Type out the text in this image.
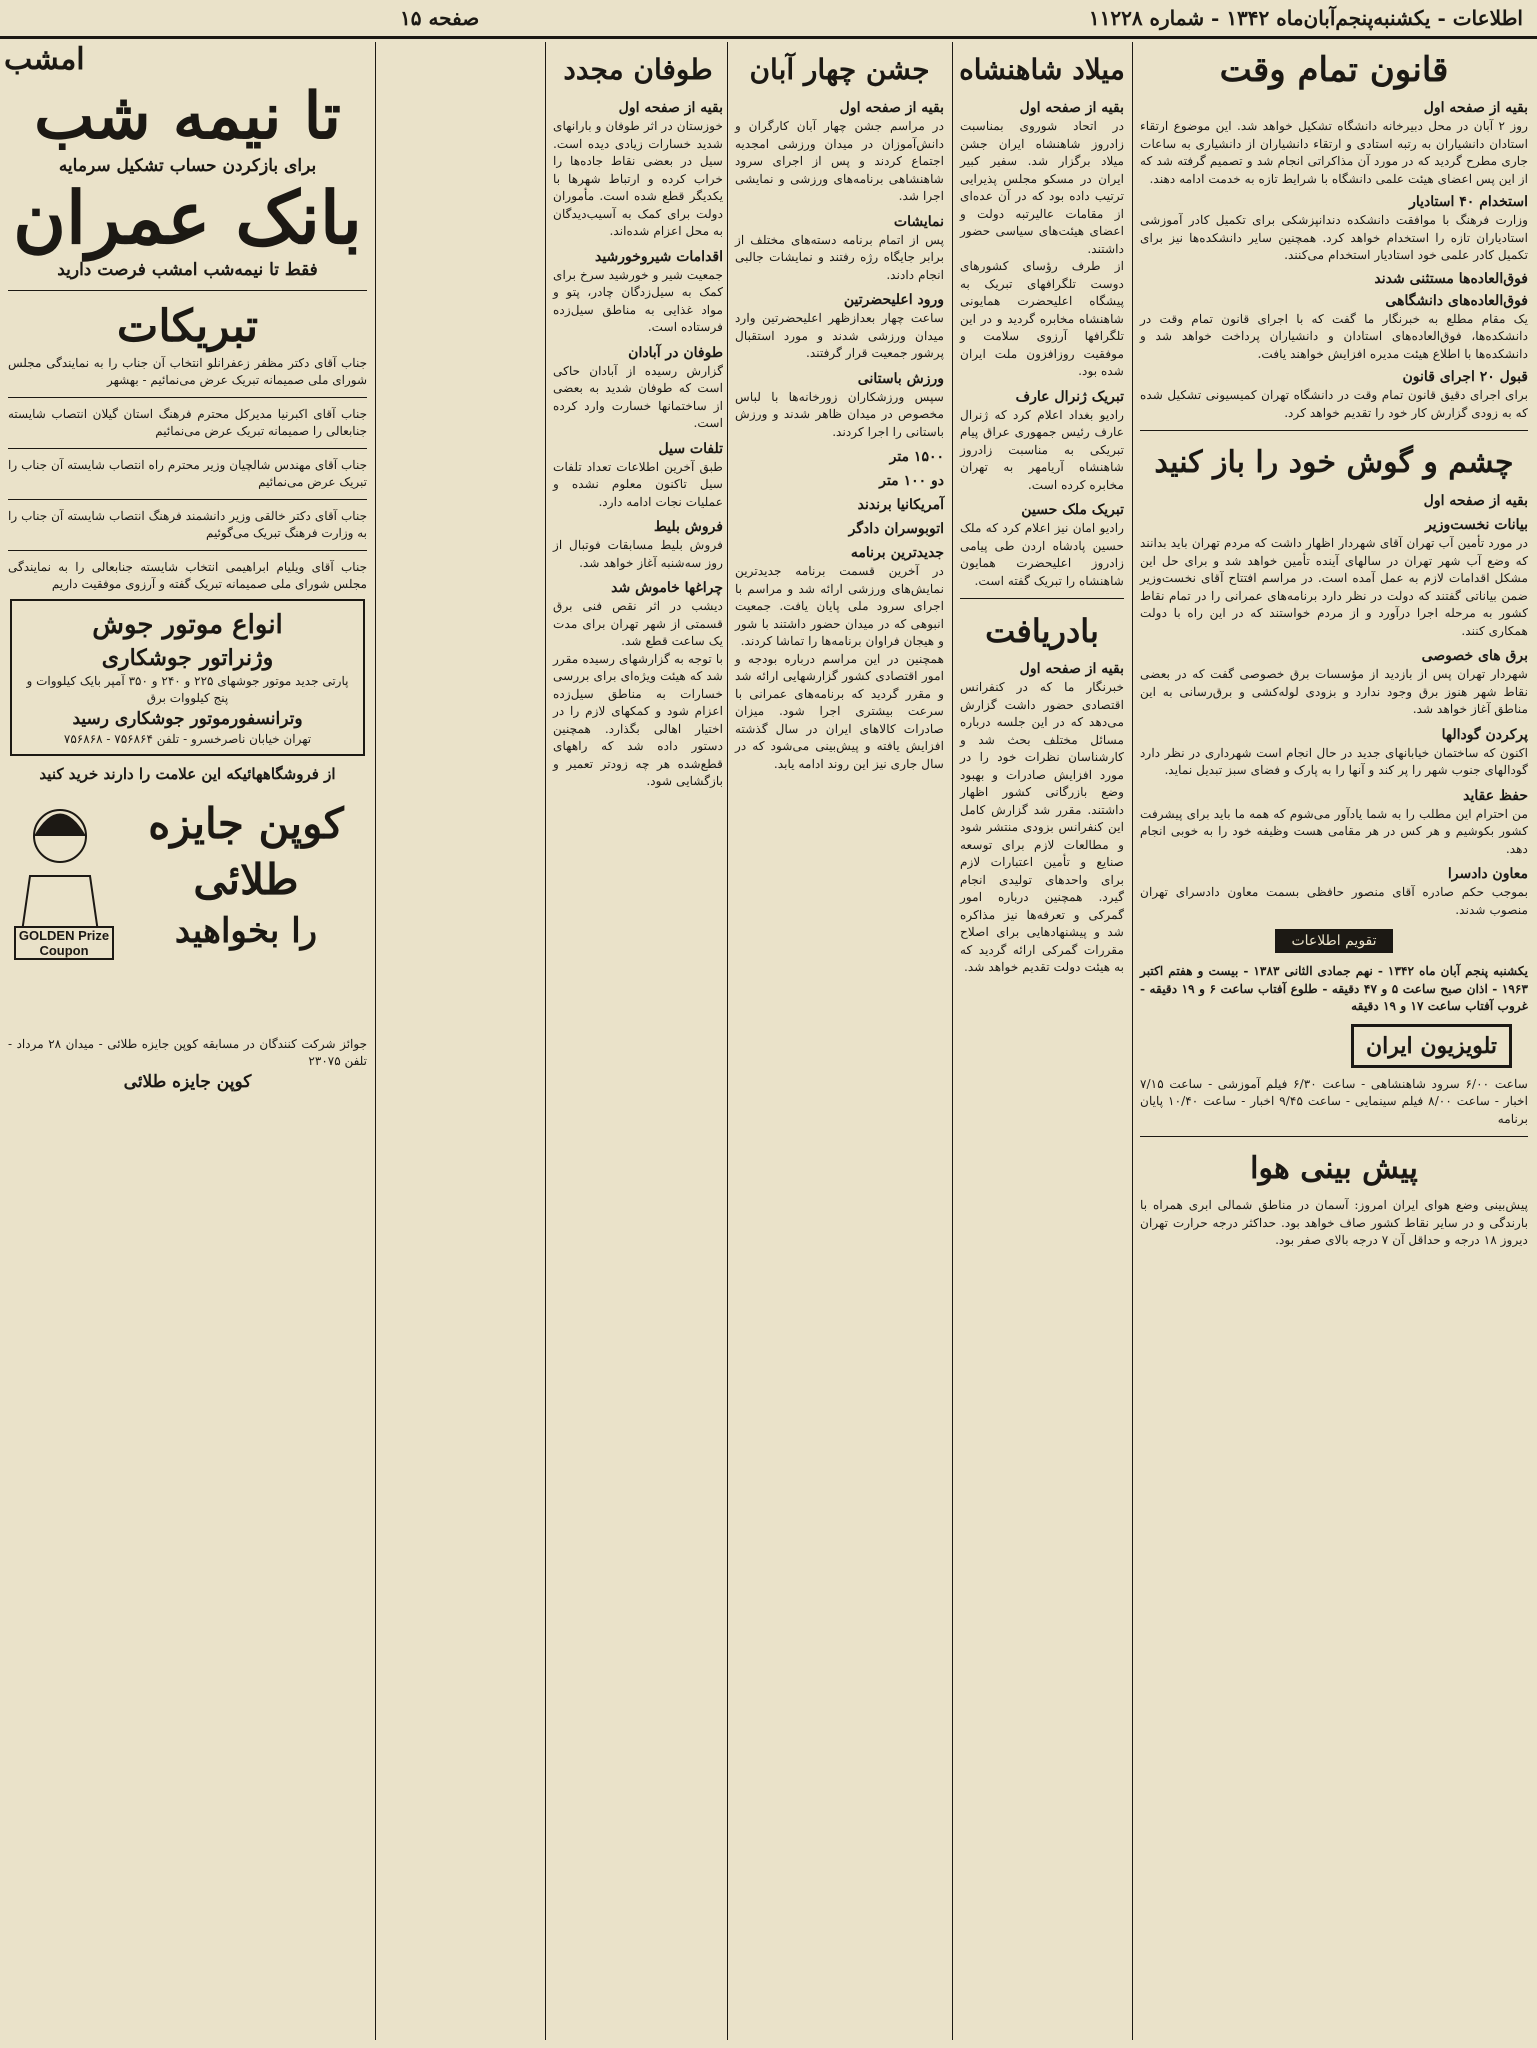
اطلاعات - یکشنبه‌پنجم‌آبان‌ماه ۱۳۴۲ - شماره ۱۱۲۲۸
صفحه ۱۵
قانون تمام وقت
بقیه از صفحه اول
روز ۲ آبان در محل دبیرخانه دانشگاه تشکیل خواهد شد. این موضوع ارتقاء استادان دانشیاران به رتبه استادی و ارتقاء دانشیاران از دانشیاری به ساعات جاری مطرح گردید که در مورد آن مذاکراتی انجام شد و تصمیم گرفته شد که از این پس اعضای هیئت علمی دانشگاه با شرایط تازه به خدمت ادامه دهند.
استخدام ۴۰ استادیار
وزارت فرهنگ با موافقت دانشکده دندانپزشکی برای تکمیل کادر آموزشی استادیاران تازه را استخدام خواهد کرد. همچنین سایر دانشکده‌ها نیز برای تکمیل کادر علمی خود استادیار استخدام می‌کنند.
فوق‌العاده‌ها مستثنی شدند
فوق‌العاده‌های دانشگاهی
یک مقام مطلع به خبرنگار ما گفت که با اجرای قانون تمام وقت در دانشکده‌ها، فوق‌العاده‌های استادان و دانشیاران پرداخت خواهد شد و دانشکده‌ها با اطلاع هیئت مدیره افزایش خواهند یافت.
قبول ۲۰ اجرای قانون
برای اجرای دقیق قانون تمام وقت در دانشگاه تهران کمیسیونی تشکیل شده که به زودی گزارش کار خود را تقدیم خواهد کرد.
چشم و گوش خود را باز کنید
بقیه از صفحه اول
بیانات نخست‌وزیر
در مورد تأمین آب تهران آقای شهردار اظهار داشت که مردم تهران باید بدانند که وضع آب شهر تهران در سالهای آینده تأمین خواهد شد و برای حل این مشکل اقدامات لازم به عمل آمده است. در مراسم افتتاح آقای نخست‌وزیر ضمن بیاناتی گفتند که دولت در نظر دارد برنامه‌های عمرانی را در تمام نقاط کشور به مرحله اجرا درآورد و از مردم خواستند که در این راه با دولت همکاری کنند.
برق های خصوصی
شهردار تهران پس از بازدید از مؤسسات برق خصوصی گفت که در بعضی نقاط شهر هنوز برق وجود ندارد و بزودی لوله‌کشی و برق‌رسانی به این مناطق آغاز خواهد شد.
پرکردن گودالها
اکنون که ساختمان خیابانهای جدید در حال انجام است شهرداری در نظر دارد گودالهای جنوب شهر را پر کند و آنها را به پارک و فضای سبز تبدیل نماید.
حفظ عقاید
من احترام این مطلب را به شما یادآور می‌شوم که همه ما باید برای پیشرفت کشور بکوشیم و هر کس در هر مقامی هست وظیفه خود را به خوبی انجام دهد.
معاون دادسرا
بموجب حکم صادره آقای منصور حافظی بسمت معاون دادسرای تهران منصوب شدند.
تقویم اطلاعات
یکشنبه پنجم آبان ماه ۱۳۴۲ - نهم جمادی الثانی ۱۳۸۳ - بیست و هفتم اکتبر ۱۹۶۳ - اذان صبح ساعت ۵ و ۴۷ دقیقه - طلوع آفتاب ساعت ۶ و ۱۹ دقیقه - غروب آفتاب ساعت ۱۷ و ۱۹ دقیقه
تلویزیون ایران
ساعت ۶/۰۰ سرود شاهنشاهی - ساعت ۶/۳۰ فیلم آموزشی - ساعت ۷/۱۵ اخبار - ساعت ۸/۰۰ فیلم سینمایی - ساعت ۹/۴۵ اخبار - ساعت ۱۰/۴۰ پایان برنامه
پیش بینی هوا
پیش‌بینی وضع هوای ایران امروز: آسمان در مناطق شمالی ابری همراه با بارندگی و در سایر نقاط کشور صاف خواهد بود. حداکثر درجه حرارت تهران دیروز ۱۸ درجه و حداقل آن ۷ درجه بالای صفر بود.
میلاد شاهنشاه
بقیه از صفحه اول
در اتحاد شوروی بمناسبت زادروز شاهنشاه ایران جشن میلاد برگزار شد. سفیر کبیر ایران در مسکو مجلس پذیرایی ترتیب داده بود که در آن عده‌ای از مقامات عالیرتبه دولت و اعضای هیئت‌های سیاسی حضور داشتند.
از طرف رؤسای کشورهای دوست تلگرافهای تبریک به پیشگاه اعلیحضرت همایونی شاهنشاه مخابره گردید و در این تلگرافها آرزوی سلامت و موفقیت روزافزون ملت ایران شده بود.
تبریک ژنرال عارف
رادیو بغداد اعلام کرد که ژنرال عارف رئیس جمهوری عراق پیام تبریکی به مناسبت زادروز شاهنشاه آریامهر به تهران مخابره کرده است.
تبریک ملک حسین
رادیو امان نیز اعلام کرد که ملک حسین پادشاه اردن طی پیامی زادروز اعلیحضرت همایون شاهنشاه را تبریک گفته است.
بادریافت
بقیه از صفحه اول
خبرنگار ما که در کنفرانس اقتصادی حضور داشت گزارش می‌دهد که در این جلسه درباره مسائل مختلف بحث شد و کارشناسان نظرات خود را در مورد افزایش صادرات و بهبود وضع بازرگانی کشور اظهار داشتند. مقرر شد گزارش کامل این کنفرانس بزودی منتشر شود و مطالعات لازم برای توسعه صنایع و تأمین اعتبارات لازم برای واحدهای تولیدی انجام گیرد. همچنین درباره امور گمرکی و تعرفه‌ها نیز مذاکره شد و پیشنهادهایی برای اصلاح مقررات گمرکی ارائه گردید که به هیئت دولت تقدیم خواهد شد.
جشن چهار آبان
بقیه از صفحه اول
در مراسم جشن چهار آبان کارگران و دانش‌آموزان در میدان ورزشی امجدیه اجتماع کردند و پس از اجرای سرود شاهنشاهی برنامه‌های ورزشی و نمایشی اجرا شد.
نمایشات
پس از اتمام برنامه دسته‌های مختلف از برابر جایگاه رژه رفتند و نمایشات جالبی انجام دادند.
ورود اعلیحضرتین
ساعت چهار بعدازظهر اعلیحضرتین وارد میدان ورزشی شدند و مورد استقبال پرشور جمعیت قرار گرفتند.
ورزش باستانی
سپس ورزشکاران زورخانه‌ها با لباس مخصوص در میدان ظاهر شدند و ورزش باستانی را اجرا کردند.
۱۵۰۰ متر
دو ۱۰۰ متر
آمریکانیا برندند
اتوبوسران دادگر
جدیدترین برنامه
در آخرین قسمت برنامه جدیدترین نمایش‌های ورزشی ارائه شد و مراسم با اجرای سرود ملی پایان یافت. جمعیت انبوهی که در میدان حضور داشتند با شور و هیجان فراوان برنامه‌ها را تماشا کردند.
همچنین در این مراسم درباره بودجه و امور اقتصادی کشور گزارشهایی ارائه شد و مقرر گردید که برنامه‌های عمرانی با سرعت بیشتری اجرا شود. میزان صادرات کالاهای ایران در سال گذشته افزایش یافته و پیش‌بینی می‌شود که در سال جاری نیز این روند ادامه یابد.
طوفان مجدد
بقیه از صفحه اول
خوزستان در اثر طوفان و بارانهای شدید خسارات زیادی دیده است. سیل در بعضی نقاط جاده‌ها را خراب کرده و ارتباط شهرها با یکدیگر قطع شده است. مأموران دولت برای کمک به آسیب‌دیدگان به محل اعزام شده‌اند.
اقدامات شیروخورشید
جمعیت شیر و خورشید سرخ برای کمک به سیل‌زدگان چادر، پتو و مواد غذایی به مناطق سیل‌زده فرستاده است.
طوفان در آبادان
گزارش رسیده از آبادان حاکی است که طوفان شدید به بعضی از ساختمانها خسارت وارد کرده است.
تلفات سیل
طبق آخرین اطلاعات تعداد تلفات سیل تاکنون معلوم نشده و عملیات نجات ادامه دارد.
فروش بلیط
فروش بلیط مسابقات فوتبال از روز سه‌شنبه آغاز خواهد شد.
چراغها خاموش شد
دیشب در اثر نقص فنی برق قسمتی از شهر تهران برای مدت یک ساعت قطع شد.
با توجه به گزارشهای رسیده مقرر شد که هیئت ویژه‌ای برای بررسی خسارات به مناطق سیل‌زده اعزام شود و کمکهای لازم را در اختیار اهالی بگذارد. همچنین دستور داده شد که راههای قطع‌شده هر چه زودتر تعمیر و بازگشایی شود.
امشب
تا نیمه شب
برای بازکردن حساب تشکیل سرمایه
بانک عمران
فقط تا نیمه‌شب امشب فرصت دارید
تبریکات
جناب آقای دکتر مظفر زعفرانلو انتخاب آن جناب را به نمایندگی مجلس شورای ملی صمیمانه تبریک عرض می‌نمائیم - بهشهر
جناب آقای اکبرنیا مدیرکل محترم فرهنگ استان گیلان انتصاب شایسته جنابعالی را صمیمانه تبریک عرض می‌نمائیم
جناب آقای مهندس شالچیان وزیر محترم راه انتصاب شایسته آن جناب را تبریک عرض می‌نمائیم
جناب آقای دکتر خالقی وزیر دانشمند فرهنگ انتصاب شایسته آن جناب را به وزارت فرهنگ تبریک می‌گوئیم
جناب آقای ویلیام ابراهیمی انتخاب شایسته جنابعالی را به نمایندگی مجلس شورای ملی صمیمانه تبریک گفته و آرزوی موفقیت داریم
انواع موتور جوش
وژنراتور جوشکاری
پارتی جدید موتور جوشهای ۲۲۵ و ۲۴۰ و ۳۵۰ آمپر بایک کیلووات و پنج کیلووات برق
وترانسفورموتور جوشکاری رسید
تهران خیابان ناصرخسرو - تلفن ۷۵۶۸۶۴ - ۷۵۶۸۶۸
از فروشگاههائیکه این علامت را دارند خرید کنید
GOLDEN Prize Coupon
کوپن جایزه طلائی
را بخواهید
جوائز شرکت کنندگان در مسابقه کوپن جایزه طلائی - میدان ۲۸ مرداد - تلفن ۲۳۰۷۵
کوپن جایزه طلائی
